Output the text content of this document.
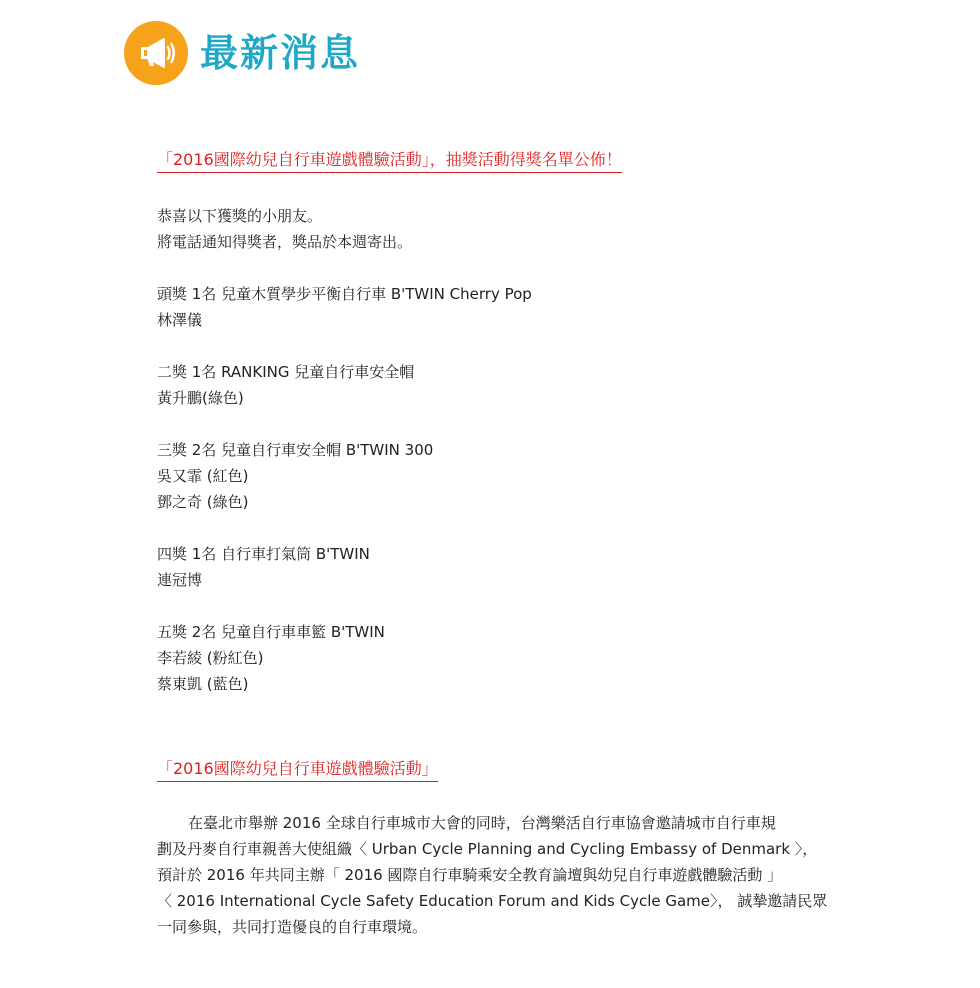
最新消息
「2016國際幼兒自行車遊戲體驗活動」，抽獎活動得獎名單公佈！
恭喜以下獲獎的小朋友。
將電話通知得獎者，獎品於本週寄出。
頭獎 1名 兒童木質學步平衡自行車 B'TWIN Cherry Pop
林澤儀
二獎 1名 RANKING 兒童自行車安全帽
黃升鵬(綠色)
三獎 2名 兒童自行車安全帽 B'TWIN 300
吳又霏 (紅色)
鄧之奇 (綠色)
四獎 1名 自行車打氣筒 B'TWIN
連冠博
五獎 2名 兒童自行車車籃 B'TWIN
李若綾 (粉紅色)
蔡東凱 (藍色)
「2016國際幼兒自行車遊戲體驗活動」
在臺北市舉辦 2016 全球自行車城市大會的同時，台灣樂活自行車協會邀請城市自行車規
劃及丹麥自行車親善大使組織〈 Urban Cycle Planning and Cycling Embassy of Denmark 〉，
預計於 2016 年共同主辦「 2016 國際自行車騎乘安全教育論壇與幼兒自行車遊戲體驗活動 」
〈 2016 International Cycle Safety Education Forum and Kids Cycle Game〉， 誠摯邀請民眾
一同參與，共同打造優良的自行車環境。
